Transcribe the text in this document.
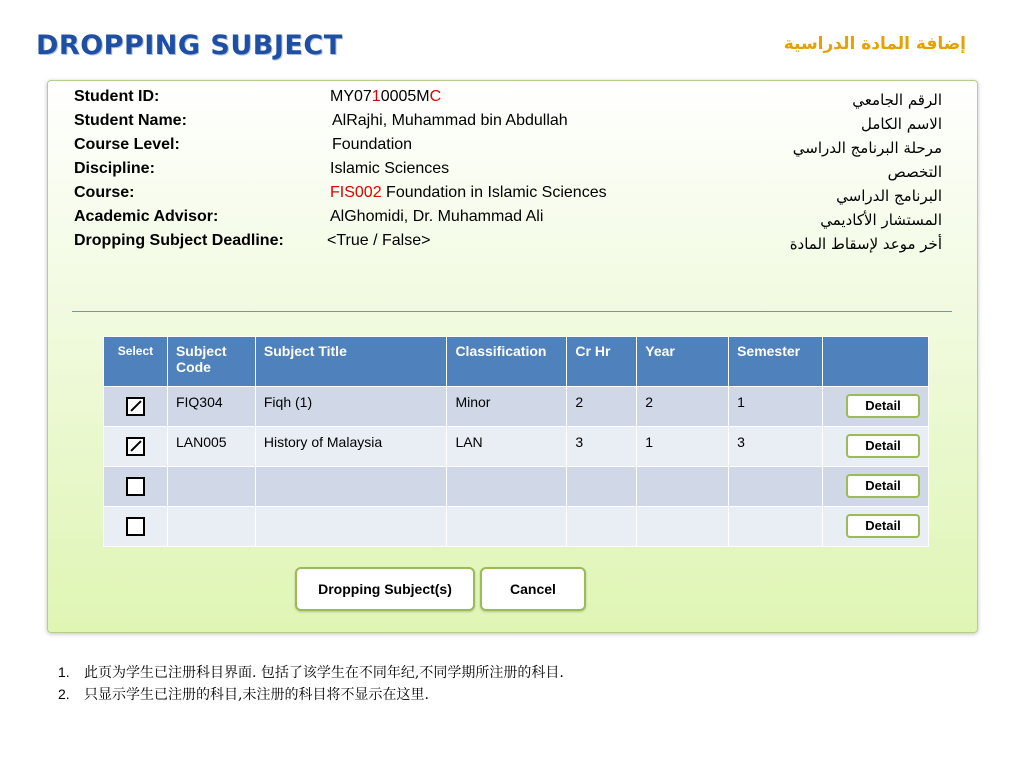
DROPPING SUBJECT	إضافة المادة الدراسية
Student ID:	MY0710005MC
Student Name:	AlRajhi, Muhammad bin Abdullah
Course Level:	Foundation
Discipline:	Islamic Sciences
Course:	FIS002 Foundation in Islamic Sciences
Academic Advisor:	AlGhomidi, Dr. Muhammad Ali
Dropping Subject Deadline:	<True / False>
الرقم الجامعي
الاسم الكامل
مرحلة البرنامج الدراسي
التخصص
البرنامج الدراسي
المستشار الأكاديمي
أخر موعد لإسقاط المادة
Select	Subject Code	Subject Title	Classification	Cr Hr	Year	Semester	
	FIQ304	Fiqh (1)	Minor	2	2	1	Detail
	LAN005	History of Malaysia	LAN	3	1	3	Detail
							Detail
							Detail
Dropping Subject(s)	Cancel
1. 此页为学生已注册科目界面. 包括了该学生在不同年纪,不同学期所注册的科目.
2. 只显示学生已注册的科目,未注册的科目将不显示在这里.
